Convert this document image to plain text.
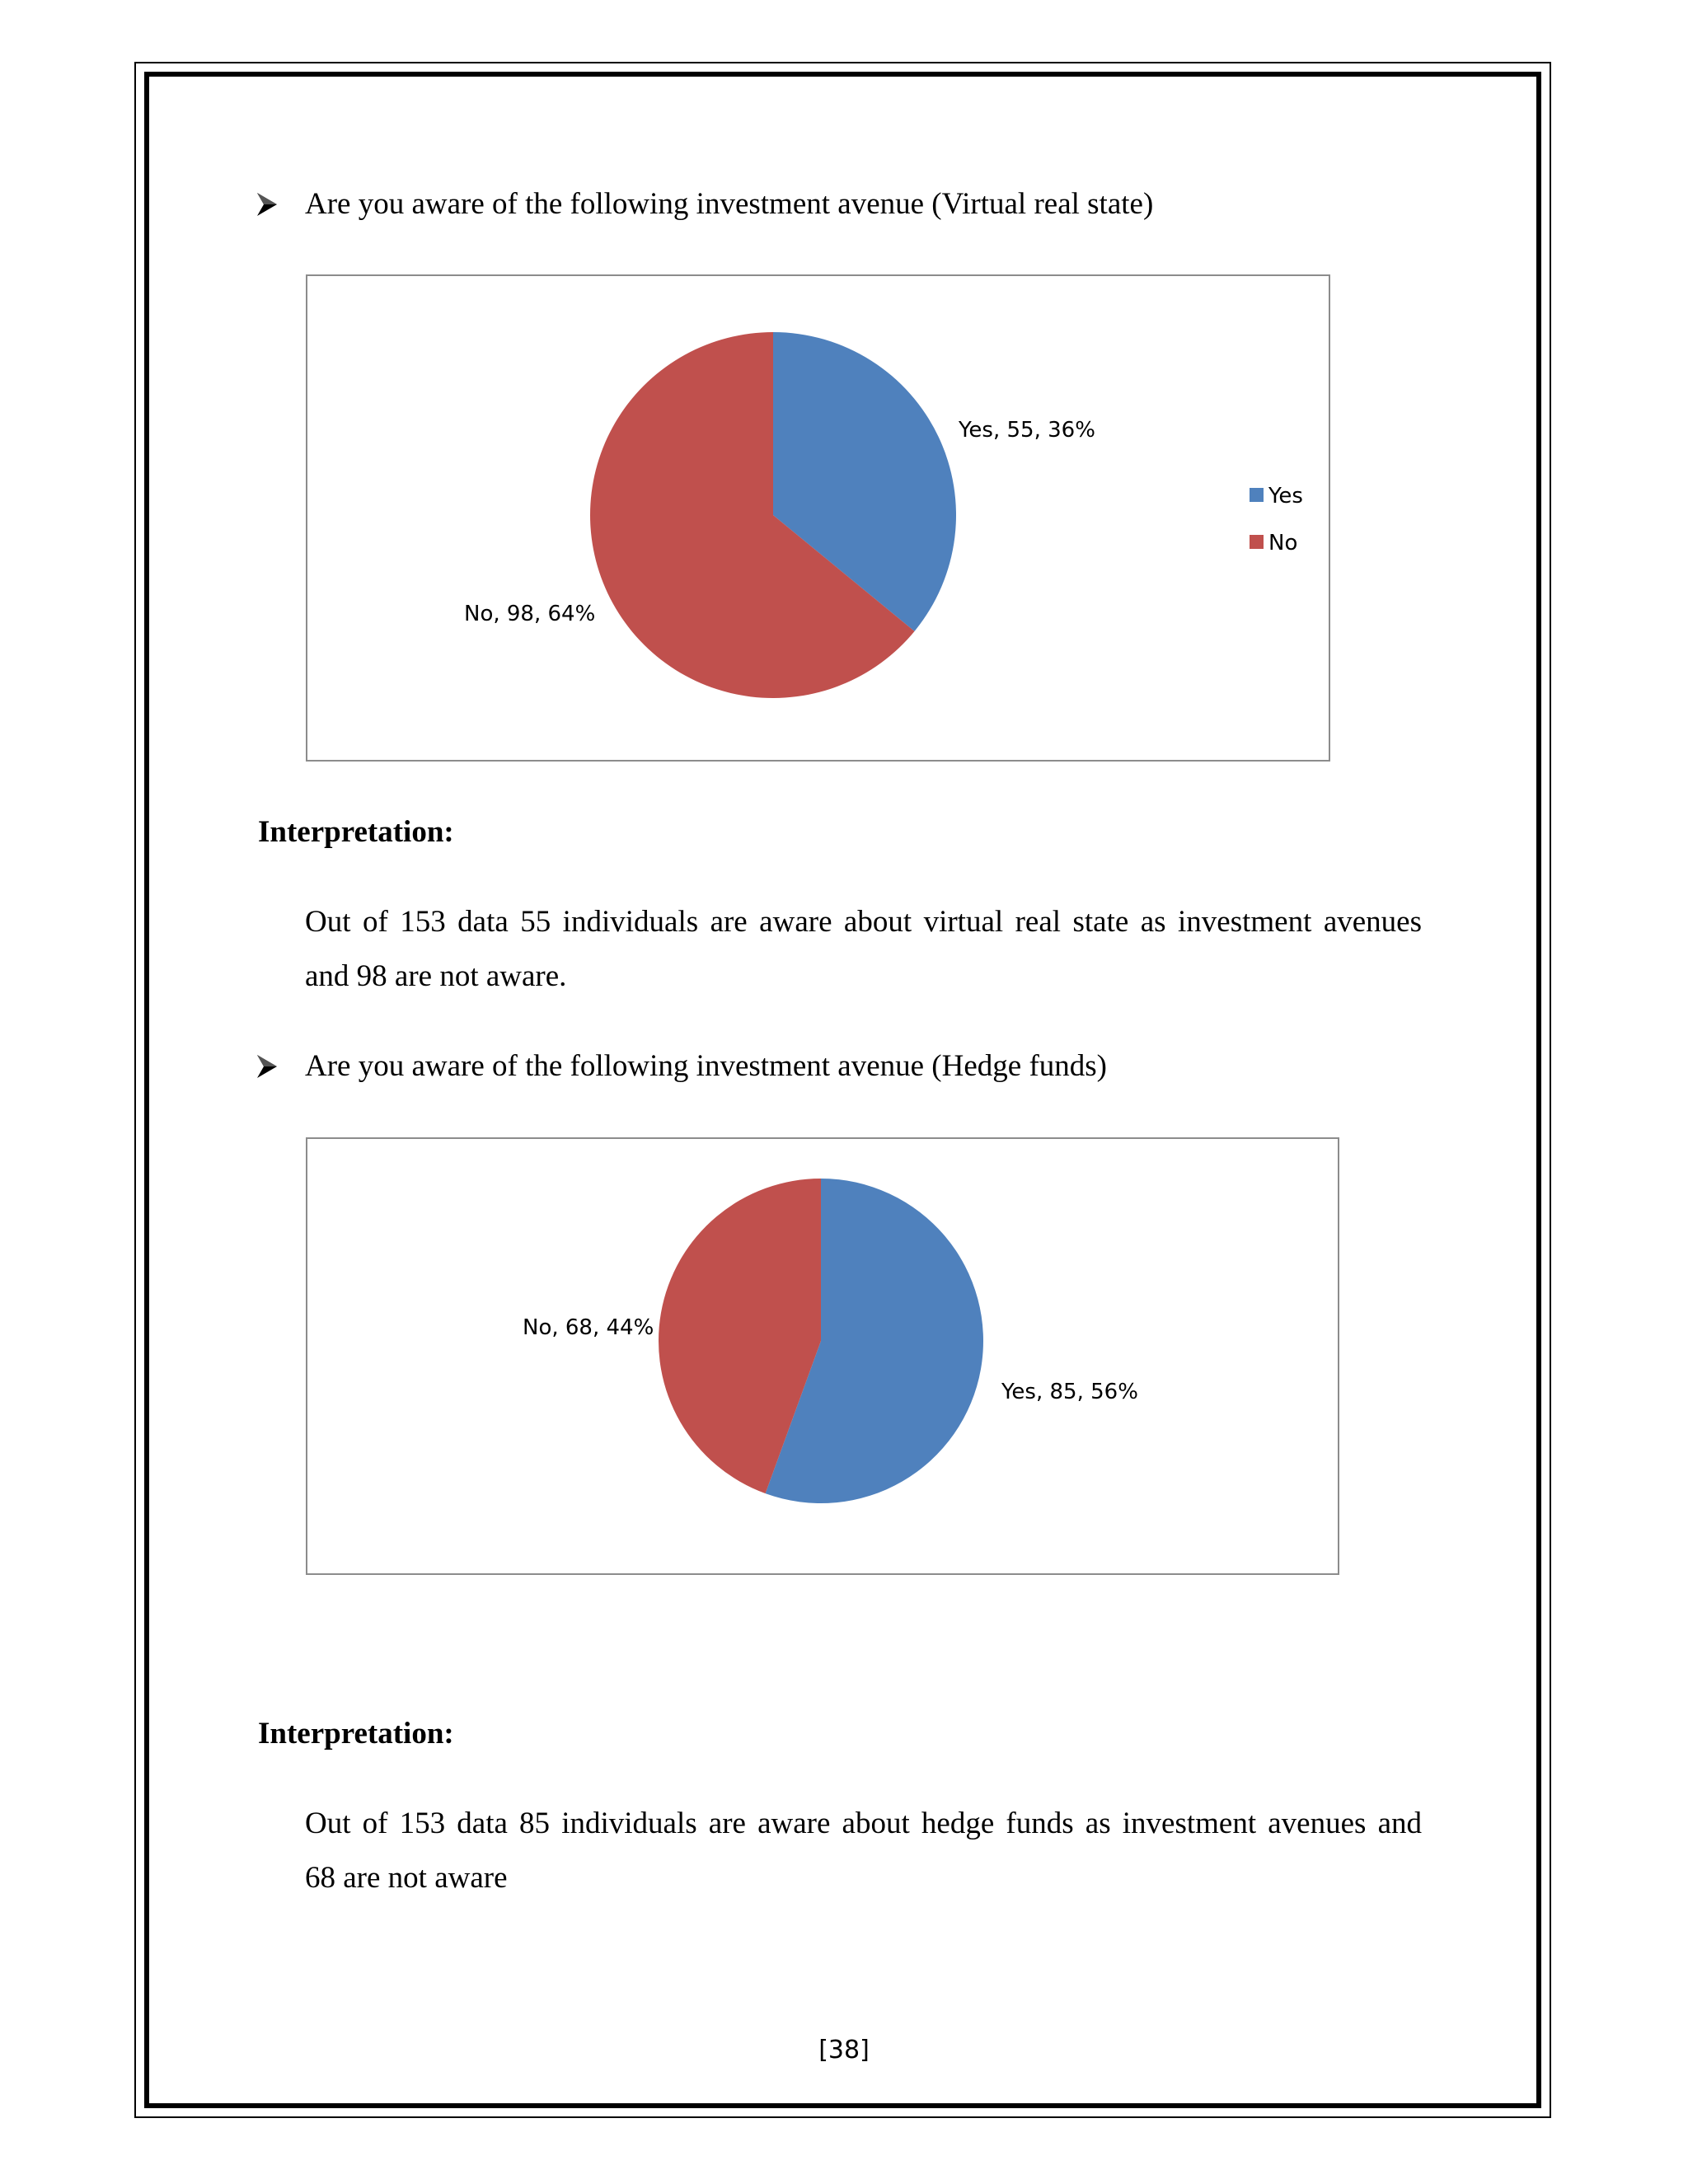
Are you aware of the following investment avenue (Virtual real state)
Yes, 55, 36%
No, 98, 64%
Yes
No
Interpretation:
Out of 153 data 55 individuals are aware about virtual real state as investment avenues
and 98 are not aware.
Are you aware of the following investment avenue (Hedge funds)
Yes, 85, 56%
No, 68, 44%
Interpretation:
Out of 153 data 85 individuals are aware about hedge funds as investment avenues and
68 are not aware
[38]
